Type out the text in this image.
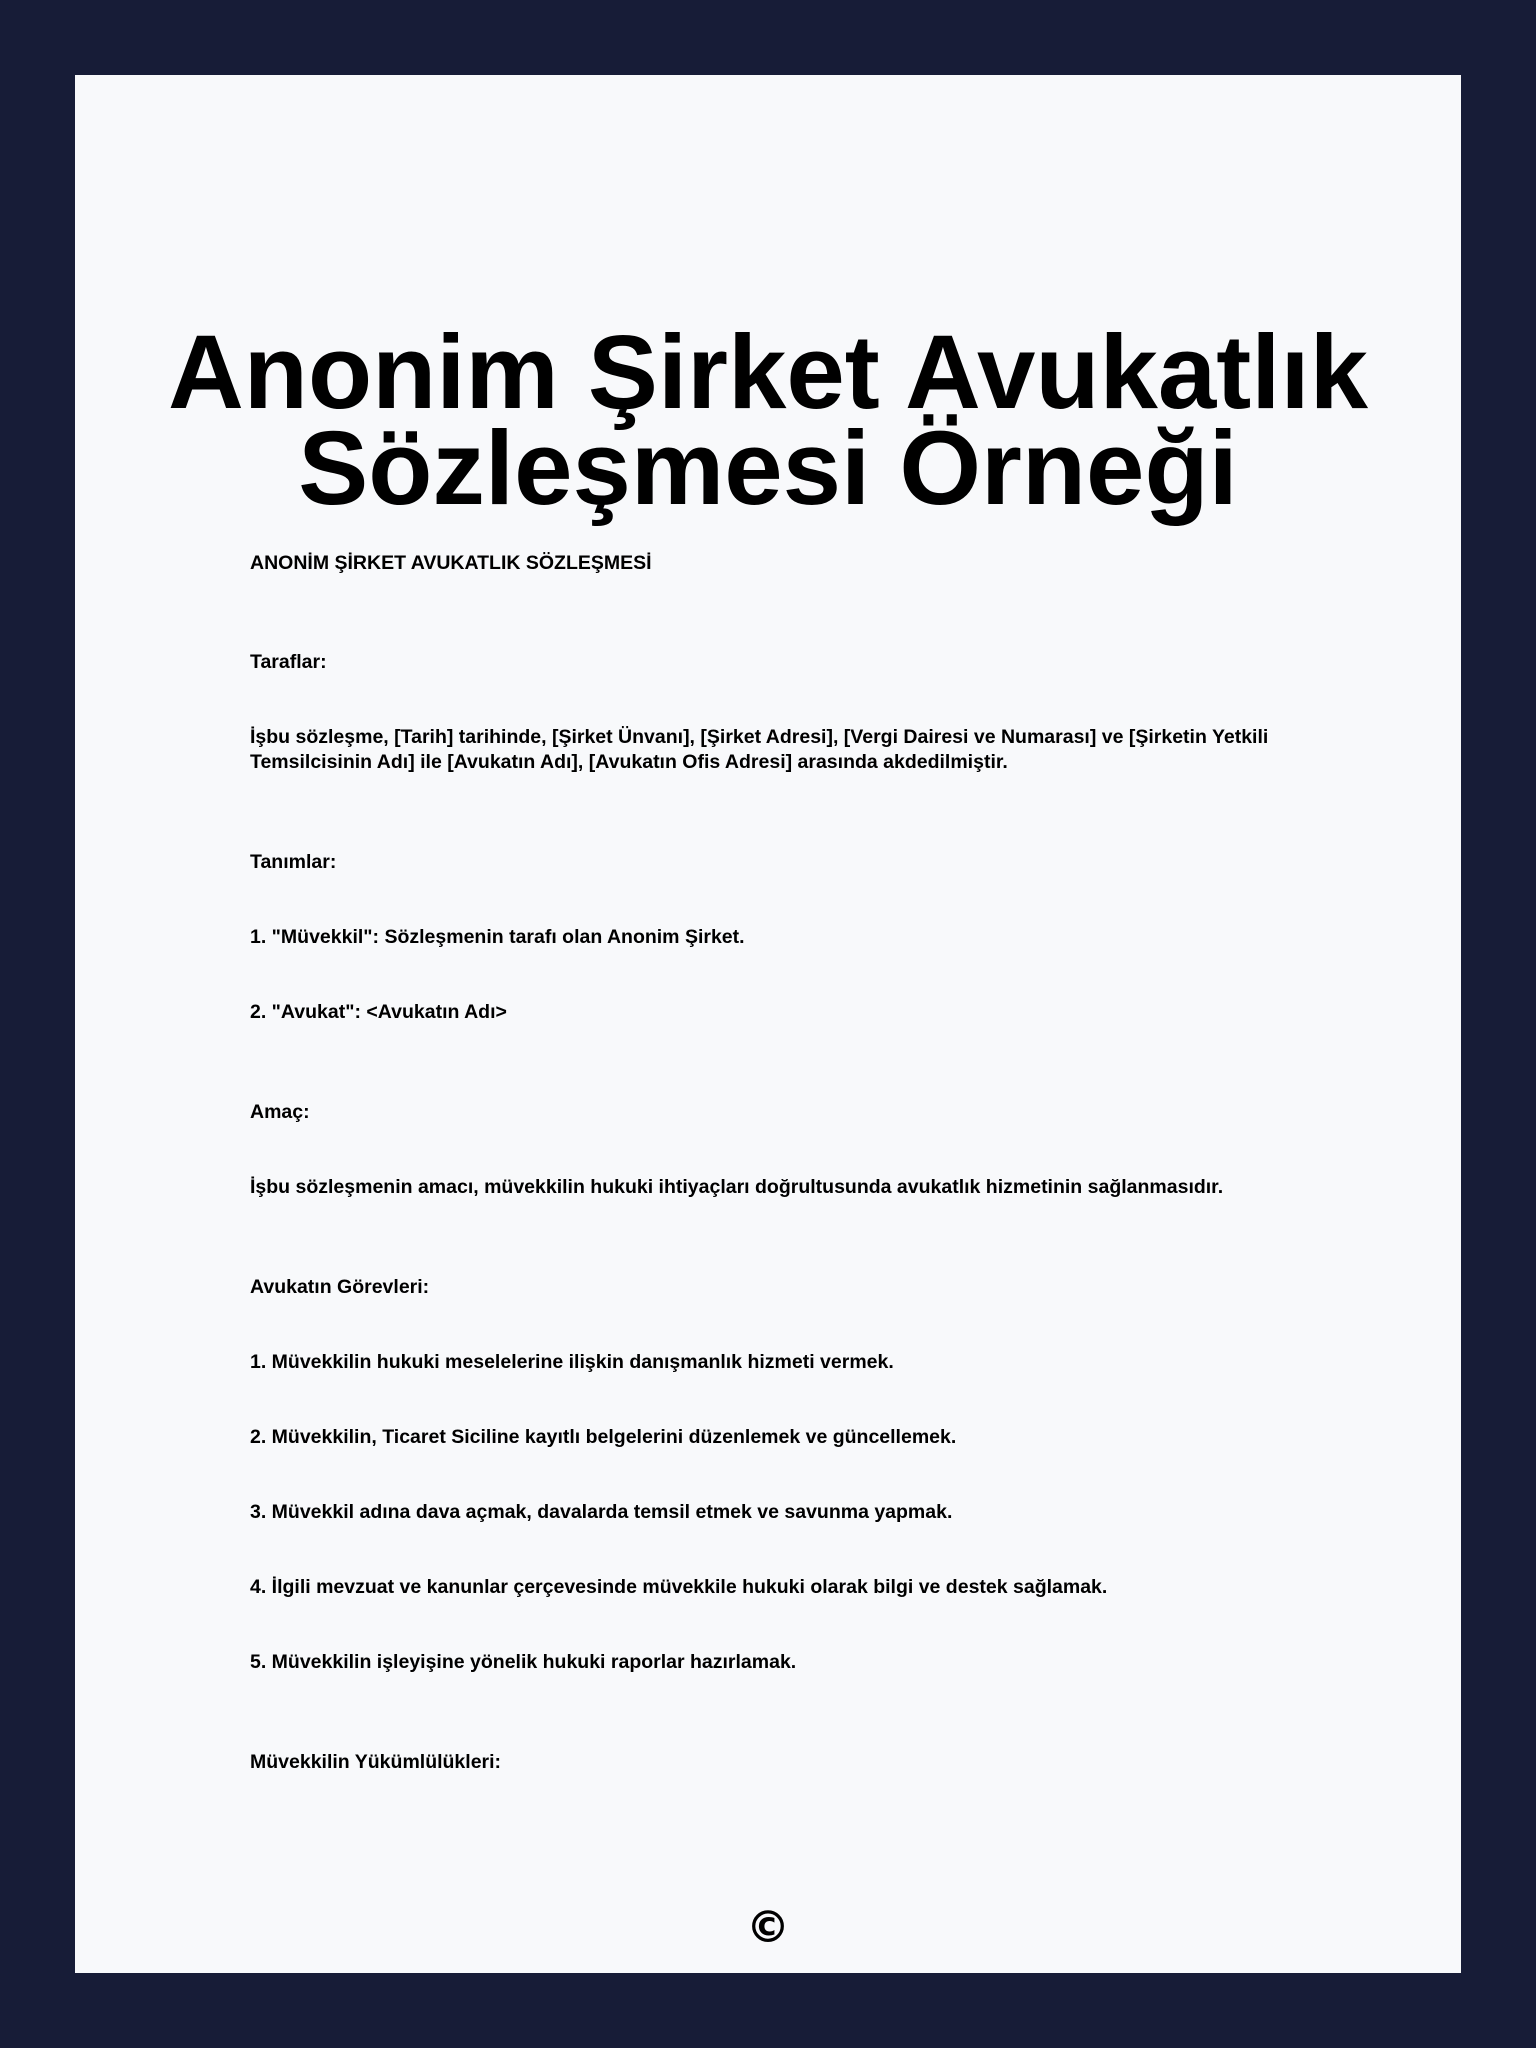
Anonim Şirket Avukatlık
Sözleşmesi Örneği

ANONİM ŞİRKET AVUKATLIK SÖZLEŞMESİ

Taraflar:

İşbu sözleşme, [Tarih] tarihinde, [Şirket Ünvanı], [Şirket Adresi], [Vergi Dairesi ve Numarası] ve [Şirketin Yetkili Temsilcisinin Adı] ile [Avukatın Adı], [Avukatın Ofis Adresi] arasında akdedilmiştir.

Tanımlar:

1. "Müvekkil": Sözleşmenin tarafı olan Anonim Şirket.

2. "Avukat": <Avukatın Adı>

Amaç:

İşbu sözleşmenin amacı, müvekkilin hukuki ihtiyaçları doğrultusunda avukatlık hizmetinin sağlanmasıdır.

Avukatın Görevleri:

1. Müvekkilin hukuki meselelerine ilişkin danışmanlık hizmeti vermek.

2. Müvekkilin, Ticaret Siciline kayıtlı belgelerini düzenlemek ve güncellemek.

3. Müvekkil adına dava açmak, davalarda temsil etmek ve savunma yapmak.

4. İlgili mevzuat ve kanunlar çerçevesinde müvekkile hukuki olarak bilgi ve destek sağlamak.

5. Müvekkilin işleyişine yönelik hukuki raporlar hazırlamak.

Müvekkilin Yükümlülükleri:

©
